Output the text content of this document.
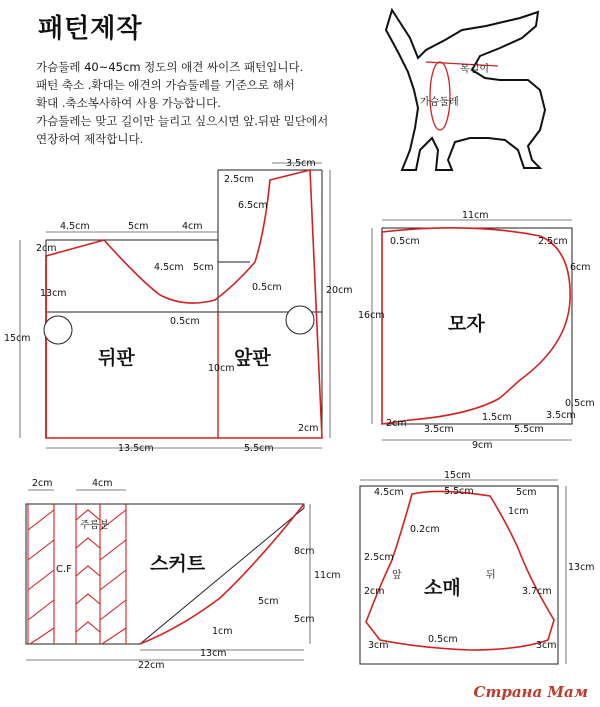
패턴제작
가슴둘레 40~45cm 정도의 애견 싸이즈 패턴입니다.
패턴 축소 .확대는 애견의 가슴둘레를 기준으로 해서
확대 .축소복사하여 사용 가능합니다.
가슴둘레는 맞고 길이만 늘리고 싶으시면 앞.뒤판 밑단에서
연장하여 제작합니다.
목길이
가슴둘레
3.5cm
2.5cm
6.5cm
4.5cm	5cm	4cm
2cm
4.5cm 5cm
0.5cm
0.5cm
13cm
15cm
10cm
20cm
2cm
13.5cm	5.5cm
뒤판	앞판
11cm
0.5cm	2.5cm
6cm
16cm
0.5cm
1.5cm	3.5cm
2cm
3.5cm	5.5cm
9cm
모자
2cm	4cm
C.F
주름분
스커트
8cm
11cm
5cm
5cm
1cm
13cm
22cm
15cm
4.5cm	5.5cm	5cm
0.2cm
1cm
2.5cm
13cm
2cm	3.7cm
3cm
0.5cm
3cm
앞	뒤
소매
Страна Мам
